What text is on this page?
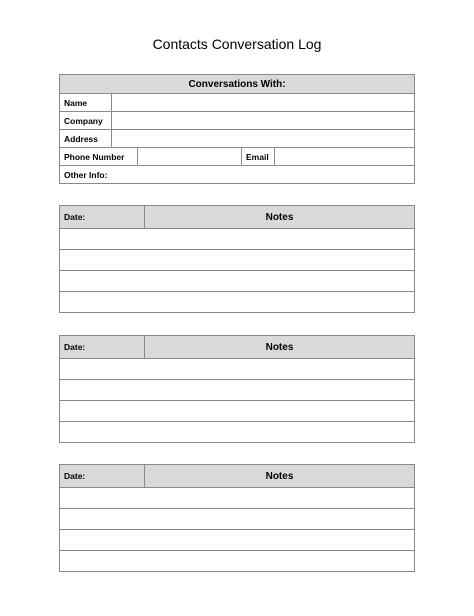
Contacts Conversation Log
Conversations With:				
Name				
Company				
Address				
Phone Number			Email	
Other Info:				
Date:	Notes

Date:	Notes

Date:	Notes
